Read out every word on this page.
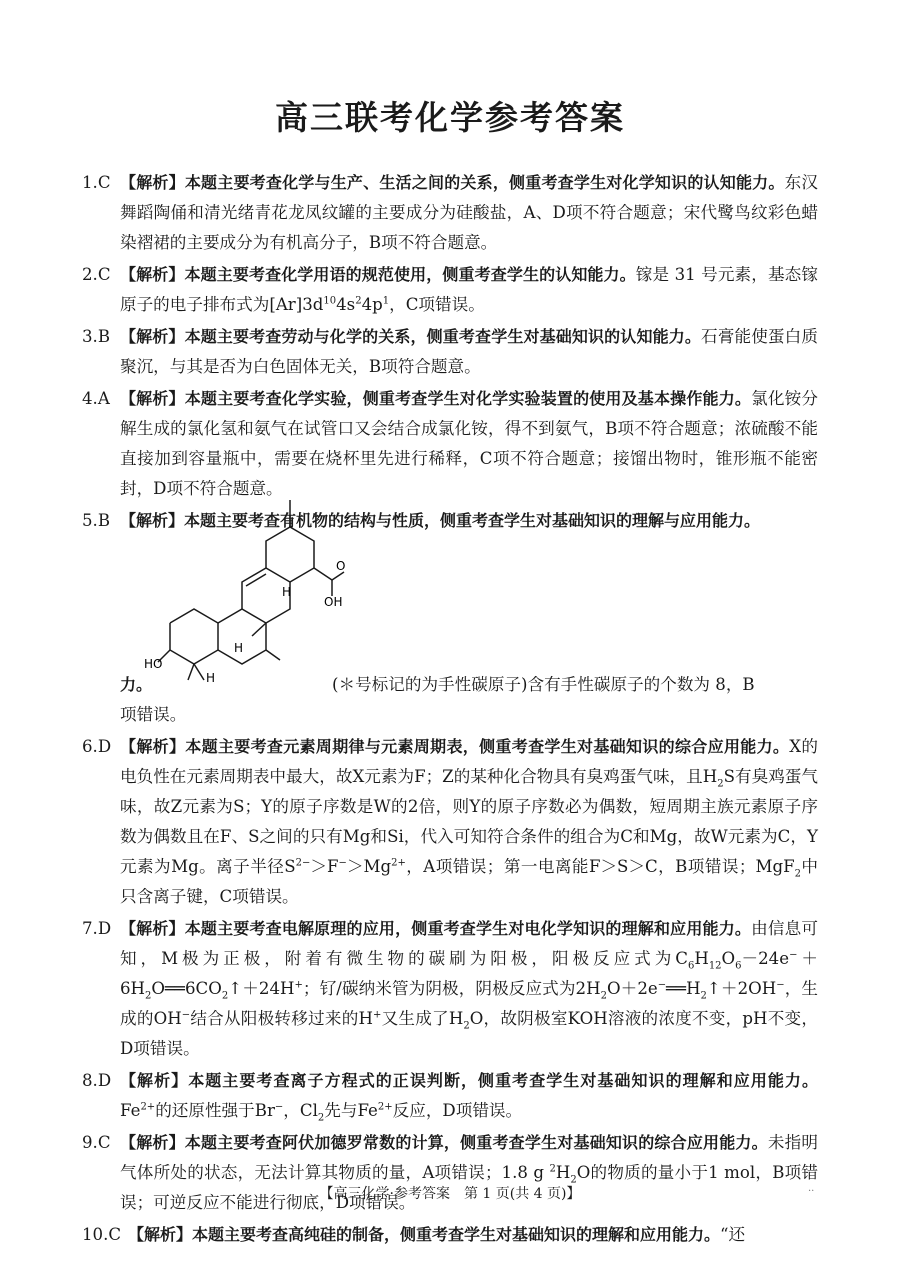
高三联考化学参考答案
1.C 【解析】本题主要考查化学与生产、生活之间的关系，侧重考查学生对化学知识的认知能力。东汉舞蹈陶俑和清光绪青花龙凤纹罐的主要成分为硅酸盐，A、D项不符合题意；宋代鹭鸟纹彩色蜡染褶裙的主要成分为有机高分子，B项不符合题意。
2.C 【解析】本题主要考查化学用语的规范使用，侧重考查学生的认知能力。镓是 31 号元素，基态镓原子的电子排布式为$[Ar]3d^{10}4s^24p^1$，C项错误。
3.B 【解析】本题主要考查劳动与化学的关系，侧重考查学生对基础知识的认知能力。石膏能使蛋白质聚沉，与其是否为白色固体无关，B项符合题意。
4.A 【解析】本题主要考查化学实验，侧重考查学生对化学实验装置的使用及基本操作能力。氯化铵分解生成的氯化氢和氨气在试管口又会结合成氯化铵，得不到氨气，B项不符合题意；浓硫酸不能直接加到容量瓶中，需要在烧杯里先进行稀释，C项不符合题意；接馏出物时，锥形瓶不能密封，D项不符合题意。
5.B 【解析】本题主要考查有机物的结构与性质，侧重考查学生对基础知识的理解与应用能力。
HO
H
H
H
OH
O
力。	(＊号标记的为手性碳原子)含有手性碳原子的个数为 8，B
项错误。
6.D 【解析】本题主要考查元素周期律与元素周期表，侧重考查学生对基础知识的综合应用能力。X的电负性在元素周期表中最大，故X元素为F；Z的某种化合物具有臭鸡蛋气味，且$H_2S$有臭鸡蛋气味，故Z元素为S；Y的原子序数是W的2倍，则Y的原子序数必为偶数，短周期主族元素原子序数为偶数且在F、S之间的只有Mg和Si，代入可知符合条件的组合为C和Mg，故W元素为C，Y元素为Mg。离子半径$S^{2-}>F^->Mg^{2+}$，A项错误；第一电离能F＞S＞C，B项错误；MgF$_2$中只含离子键，C项错误。
7.D 【解析】本题主要考查电解原理的应用，侧重考查学生对电化学知识的理解和应用能力。由信息可知，M极为正极，附着有微生物的碳刷为阳极，阳极反应式为$C_6H_{12}O_6-24e^-+6H_2O══6CO_2↑+24H^+$；钌/碳纳米管为阴极，阴极反应式为$2H_2O+2e^-══H_2↑+2OH^-$，生成的OH−结合从阳极转移过来的H+又生成了$H_2O$，故阴极室KOH溶液的浓度不变，pH不变，D项错误。
8.D 【解析】本题主要考查离子方程式的正误判断，侧重考查学生对基础知识的理解和应用能力。$Fe^{2+}$的还原性强于Br−，$Cl_2$先与$Fe^{2+}$反应，D项错误。
9.C 【解析】本题主要考查阿伏加德罗常数的计算，侧重考查学生对基础知识的综合应用能力。未指明气体所处的状态，无法计算其物质的量，A项错误；1.8 g $^2H_2O$的物质的量小于1 mol，B项错误；可逆反应不能进行彻底，D项错误。
10.C 【解析】本题主要考查高纯硅的制备，侧重考查学生对基础知识的理解和应用能力。“还
【高三化学·参考答案　第 1 页(共 4 页)】	..
